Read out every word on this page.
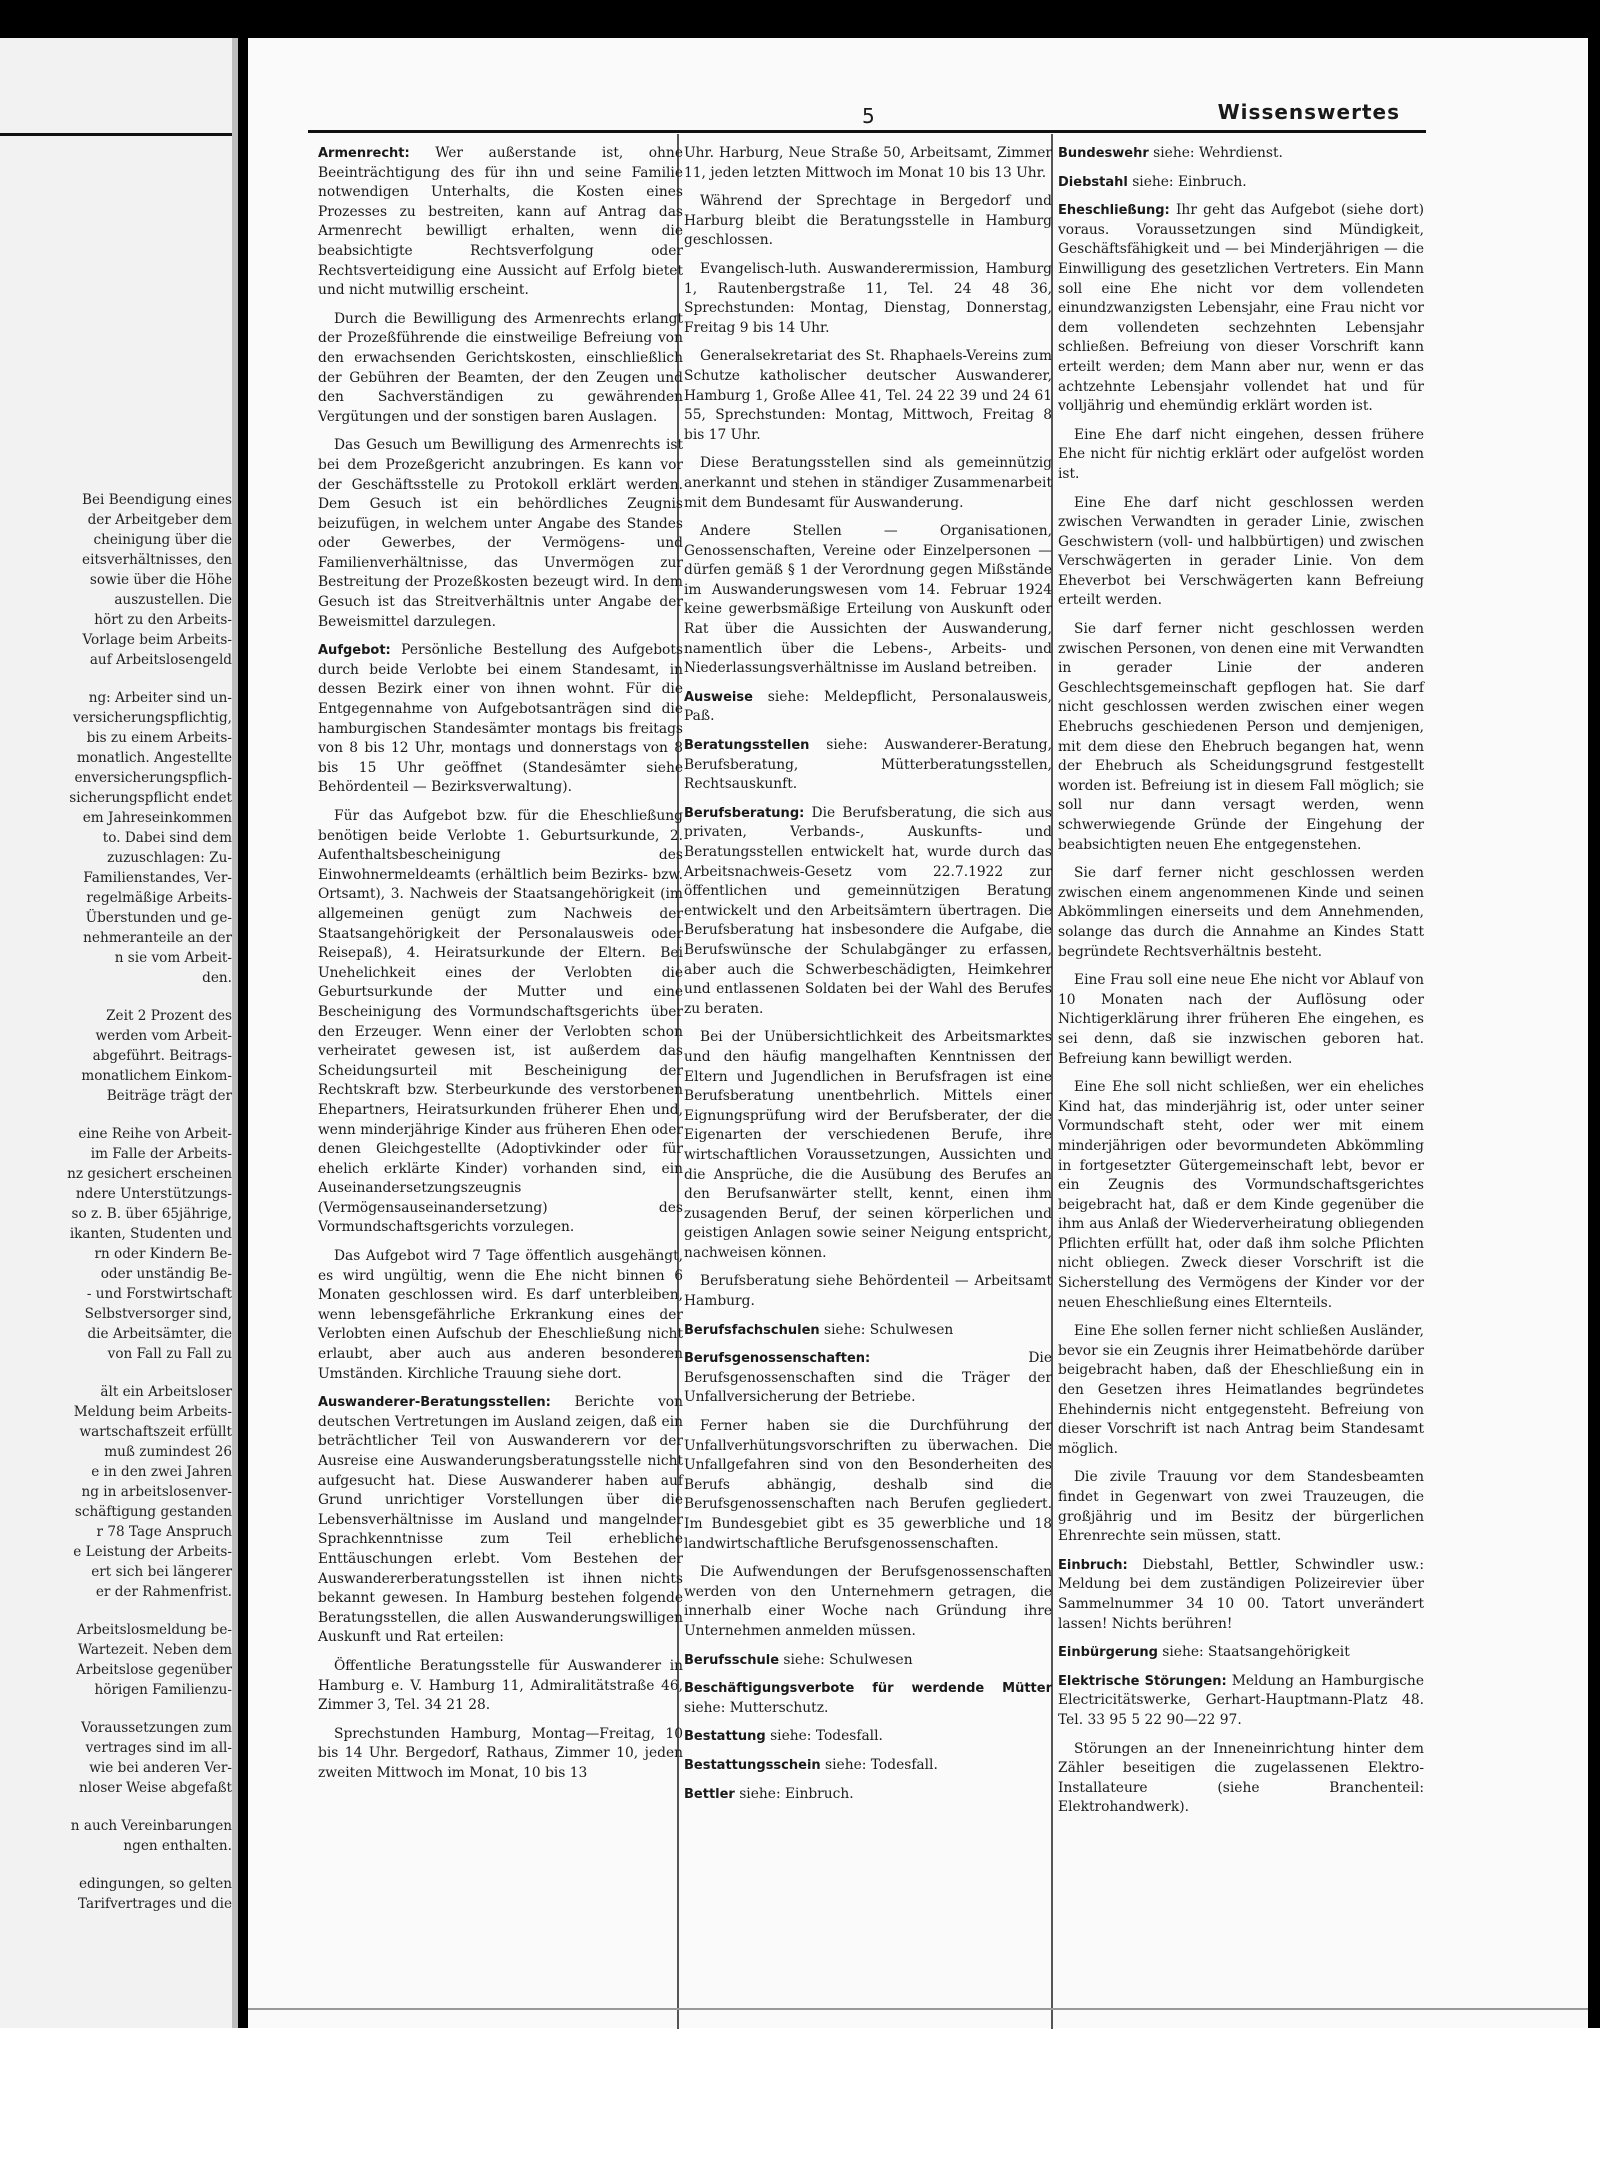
Bei Beendigung eines

der Arbeitgeber dem

cheinigung über die

eitsverhältnisses, den

sowie über die Höhe

auszustellen. Die

hört zu den Arbeits-

Vorlage beim Arbeits-

auf Arbeitslosengeld

ng: Arbeiter sind un-

versicherungspflichtig,

bis zu einem Arbeits-

monatlich. Angestellte

enversicherungspflich-

sicherungspflicht endet

em Jahreseinkommen

to. Dabei sind dem

zuzuschlagen: Zu-

Familienstandes, Ver-

regelmäßige Arbeits-

Überstunden und ge-

nehmeranteile an der

n sie vom Arbeit-

den.

Zeit 2 Prozent des

werden vom Arbeit-

abgeführt. Beitrags-

monatlichem Einkom-

Beiträge trägt der

eine Reihe von Arbeit-

im Falle der Arbeits-

nz gesichert erscheinen

ndere Unterstützungs-

so z. B. über 65jährige,

ikanten, Studenten und

rn oder Kindern Be-

oder unständig Be-

- und Forstwirtschaft

Selbstversorger sind,

die Arbeitsämter, die

von Fall zu Fall zu

ält ein Arbeitsloser

Meldung beim Arbeits-

wartschaftszeit erfüllt

muß zumindest 26

e in den zwei Jahren

ng in arbeitslosenver-

schäftigung gestanden

r 78 Tage Anspruch

e Leistung der Arbeits-

ert sich bei längerer

er der Rahmenfrist.

Arbeitslosmeldung be-

Wartezeit. Neben dem

Arbeitslose gegenüber

hörigen Familienzu-

Voraussetzungen zum

vertrages sind im all-

wie bei anderen Ver-

nloser Weise abgefaßt

n auch Vereinbarungen

ngen enthalten.

edingungen, so gelten

Tarifvertrages und die

5	Wissenswertes

Armenrecht: Wer außerstande ist, ohne Beeinträchtigung des für ihn und seine Familie notwendigen Unterhalts, die Kosten eines Prozesses zu bestreiten, kann auf Antrag das Armenrecht bewilligt erhalten, wenn die beabsichtigte Rechtsverfolgung oder Rechtsverteidigung eine Aussicht auf Erfolg bietet und nicht mutwillig erscheint.

Durch die Bewilligung des Armenrechts erlangt der Prozeßführende die einstweilige Befreiung von den erwachsenden Gerichtskosten, einschließlich der Gebühren der Beamten, der den Zeugen und den Sachverständigen zu gewährenden Vergütungen und der sonstigen baren Auslagen.

Das Gesuch um Bewilligung des Armenrechts ist bei dem Prozeßgericht anzubringen. Es kann vor der Geschäftsstelle zu Protokoll erklärt werden. Dem Gesuch ist ein behördliches Zeugnis beizufügen, in welchem unter Angabe des Standes oder Gewerbes, der Vermögens- und Familienverhältnisse, das Unvermögen zur Bestreitung der Prozeßkosten bezeugt wird. In dem Gesuch ist das Streitverhältnis unter Angabe der Beweismittel darzulegen.

Aufgebot: Persönliche Bestellung des Aufgebots durch beide Verlobte bei einem Standesamt, in dessen Bezirk einer von ihnen wohnt. Für die Entgegennahme von Aufgebotsanträgen sind die hamburgischen Standesämter montags bis freitags von 8 bis 12 Uhr, montags und donnerstags von 8 bis 15 Uhr geöffnet (Standesämter siehe Behördenteil — Bezirksverwaltung).

Für das Aufgebot bzw. für die Eheschließung benötigen beide Verlobte 1. Geburtsurkunde, 2. Aufenthaltsbescheinigung des Einwohnermeldeamts (erhältlich beim Bezirks- bzw. Ortsamt), 3. Nachweis der Staatsangehörigkeit (im allgemeinen genügt zum Nachweis der Staatsangehörigkeit der Personalausweis oder Reisepaß), 4. Heiratsurkunde der Eltern. Bei Unehelichkeit eines der Verlobten die Geburtsurkunde der Mutter und eine Bescheinigung des Vormundschaftsgerichts über den Erzeuger. Wenn einer der Verlobten schon verheiratet gewesen ist, ist außerdem das Scheidungsurteil mit Bescheinigung der Rechtskraft bzw. Sterbeurkunde des verstorbenen Ehepartners, Heiratsurkunden früherer Ehen und, wenn minderjährige Kinder aus früheren Ehen oder denen Gleichgestellte (Adoptivkinder oder für ehelich erklärte Kinder) vorhanden sind, ein Auseinandersetzungszeugnis (Vermögensauseinandersetzung) des Vormundschaftsgerichts vorzulegen.

Das Aufgebot wird 7 Tage öffentlich ausgehängt, es wird ungültig, wenn die Ehe nicht binnen 6 Monaten geschlossen wird. Es darf unterbleiben, wenn lebensgefährliche Erkrankung eines der Verlobten einen Aufschub der Eheschließung nicht erlaubt, aber auch aus anderen besonderen Umständen. Kirchliche Trauung siehe dort.

Auswanderer-Beratungsstellen: Berichte von deutschen Vertretungen im Ausland zeigen, daß ein beträchtlicher Teil von Auswanderern vor der Ausreise eine Auswanderungsberatungsstelle nicht aufgesucht hat. Diese Auswanderer haben auf Grund unrichtiger Vorstellungen über die Lebensverhältnisse im Ausland und mangelnder Sprachkenntnisse zum Teil erhebliche Enttäuschungen erlebt. Vom Bestehen der Auswandererberatungsstellen ist ihnen nichts bekannt gewesen. In Hamburg bestehen folgende Beratungsstellen, die allen Auswanderungswilligen Auskunft und Rat erteilen:

Öffentliche Beratungsstelle für Auswanderer in Hamburg e. V. Hamburg 11, Admiralitätstraße 46, Zimmer 3, Tel. 34 21 28.

Sprechstunden Hamburg, Montag—Freitag, 10 bis 14 Uhr. Bergedorf, Rathaus, Zimmer 10, jeden zweiten Mittwoch im Monat, 10 bis 13

Uhr. Harburg, Neue Straße 50, Arbeitsamt, Zimmer 11, jeden letzten Mittwoch im Monat 10 bis 13 Uhr.

Während der Sprechtage in Bergedorf und Harburg bleibt die Beratungsstelle in Hamburg geschlossen.

Evangelisch-luth. Auswanderermission, Hamburg 1, Rautenbergstraße 11, Tel. 24 48 36, Sprechstunden: Montag, Dienstag, Donnerstag, Freitag 9 bis 14 Uhr.

Generalsekretariat des St. Rhaphaels-Vereins zum Schutze katholischer deutscher Auswanderer, Hamburg 1, Große Allee 41, Tel. 24 22 39 und 24 61 55, Sprechstunden: Montag, Mittwoch, Freitag 8 bis 17 Uhr.

Diese Beratungsstellen sind als gemeinnützig anerkannt und stehen in ständiger Zusammenarbeit mit dem Bundesamt für Auswanderung.

Andere Stellen — Organisationen, Genossenschaften, Vereine oder Einzelpersonen — dürfen gemäß § 1 der Verordnung gegen Mißstände im Auswanderungswesen vom 14. Februar 1924 keine gewerbsmäßige Erteilung von Auskunft oder Rat über die Aussichten der Auswanderung, namentlich über die Lebens-, Arbeits- und Niederlassungsverhältnisse im Ausland betreiben.

Ausweise siehe: Meldepflicht, Personalausweis, Paß.

Beratungsstellen siehe: Auswanderer-Beratung, Berufsberatung, Mütterberatungsstellen, Rechtsauskunft.

Berufsberatung: Die Berufsberatung, die sich aus privaten, Verbands-, Auskunfts- und Beratungsstellen entwickelt hat, wurde durch das Arbeitsnachweis-Gesetz vom 22.7.1922 zur öffentlichen und gemeinnützigen Beratung entwickelt und den Arbeitsämtern übertragen. Die Berufsberatung hat insbesondere die Aufgabe, die Berufswünsche der Schulabgänger zu erfassen, aber auch die Schwerbeschädigten, Heimkehrer und entlassenen Soldaten bei der Wahl des Berufes zu beraten.

Bei der Unübersichtlichkeit des Arbeitsmarktes und den häufig mangelhaften Kenntnissen der Eltern und Jugendlichen in Berufsfragen ist eine Berufsberatung unentbehrlich. Mittels einer Eignungsprüfung wird der Berufsberater, der die Eigenarten der verschiedenen Berufe, ihre wirtschaftlichen Voraussetzungen, Aussichten und die Ansprüche, die die Ausübung des Berufes an den Berufsanwärter stellt, kennt, einen ihm zusagenden Beruf, der seinen körperlichen und geistigen Anlagen sowie seiner Neigung entspricht, nachweisen können.

Berufsberatung siehe Behördenteil — Arbeitsamt Hamburg.

Berufsfachschulen siehe: Schulwesen

Berufsgenossenschaften: Die Berufsgenossenschaften sind die Träger der Unfallversicherung der Betriebe.

Ferner haben sie die Durchführung der Unfallverhütungsvorschriften zu überwachen. Die Unfallgefahren sind von den Besonderheiten des Berufs abhängig, deshalb sind die Berufsgenossenschaften nach Berufen gegliedert. Im Bundesgebiet gibt es 35 gewerbliche und 18 landwirtschaftliche Berufsgenossenschaften.

Die Aufwendungen der Berufsgenossenschaften werden von den Unternehmern getragen, die innerhalb einer Woche nach Gründung ihre Unternehmen anmelden müssen.

Berufsschule siehe: Schulwesen

Beschäftigungsverbote für werdende Mütter siehe: Mutterschutz.

Bestattung siehe: Todesfall.

Bestattungsschein siehe: Todesfall.

Bettler siehe: Einbruch.

Bundeswehr siehe: Wehrdienst.

Diebstahl siehe: Einbruch.

Eheschließung: Ihr geht das Aufgebot (siehe dort) voraus. Voraussetzungen sind Mündigkeit, Geschäftsfähigkeit und — bei Minderjährigen — die Einwilligung des gesetzlichen Vertreters. Ein Mann soll eine Ehe nicht vor dem vollendeten einundzwanzigsten Lebensjahr, eine Frau nicht vor dem vollendeten sechzehnten Lebensjahr schließen. Befreiung von dieser Vorschrift kann erteilt werden; dem Mann aber nur, wenn er das achtzehnte Lebensjahr vollendet hat und für volljährig und ehemündig erklärt worden ist.

Eine Ehe darf nicht eingehen, dessen frühere Ehe nicht für nichtig erklärt oder aufgelöst worden ist.

Eine Ehe darf nicht geschlossen werden zwischen Verwandten in gerader Linie, zwischen Geschwistern (voll- und halbbürtigen) und zwischen Verschwägerten in gerader Linie. Von dem Eheverbot bei Verschwägerten kann Befreiung erteilt werden.

Sie darf ferner nicht geschlossen werden zwischen Personen, von denen eine mit Verwandten in gerader Linie der anderen Geschlechtsgemeinschaft gepflogen hat. Sie darf nicht geschlossen werden zwischen einer wegen Ehebruchs geschiedenen Person und demjenigen, mit dem diese den Ehebruch begangen hat, wenn der Ehebruch als Scheidungsgrund festgestellt worden ist. Befreiung ist in diesem Fall möglich; sie soll nur dann versagt werden, wenn schwerwiegende Gründe der Eingehung der beabsichtigten neuen Ehe entgegenstehen.

Sie darf ferner nicht geschlossen werden zwischen einem angenommenen Kinde und seinen Abkömmlingen einerseits und dem Annehmenden, solange das durch die Annahme an Kindes Statt begründete Rechtsverhältnis besteht.

Eine Frau soll eine neue Ehe nicht vor Ablauf von 10 Monaten nach der Auflösung oder Nichtigerklärung ihrer früheren Ehe eingehen, es sei denn, daß sie inzwischen geboren hat. Befreiung kann bewilligt werden.

Eine Ehe soll nicht schließen, wer ein eheliches Kind hat, das minderjährig ist, oder unter seiner Vormundschaft steht, oder wer mit einem minderjährigen oder bevormundeten Abkömmling in fortgesetzter Gütergemeinschaft lebt, bevor er ein Zeugnis des Vormundschaftsgerichtes beigebracht hat, daß er dem Kinde gegenüber die ihm aus Anlaß der Wiederverheiratung obliegenden Pflichten erfüllt hat, oder daß ihm solche Pflichten nicht obliegen. Zweck dieser Vorschrift ist die Sicherstellung des Vermögens der Kinder vor der neuen Eheschließung eines Elternteils.

Eine Ehe sollen ferner nicht schließen Ausländer, bevor sie ein Zeugnis ihrer Heimatbehörde darüber beigebracht haben, daß der Eheschließung ein in den Gesetzen ihres Heimatlandes begründetes Ehehindernis nicht entgegensteht. Befreiung von dieser Vorschrift ist nach Antrag beim Standesamt möglich.

Die zivile Trauung vor dem Standesbeamten findet in Gegenwart von zwei Trauzeugen, die großjährig und im Besitz der bürgerlichen Ehrenrechte sein müssen, statt.

Einbruch: Diebstahl, Bettler, Schwindler usw.: Meldung bei dem zuständigen Polizeirevier über Sammelnummer 34 10 00. Tatort unverändert lassen! Nichts berühren!

Einbürgerung siehe: Staatsangehörigkeit

Elektrische Störungen: Meldung an Hamburgische Electricitätswerke, Gerhart-Hauptmann-Platz 48. Tel. 33 95 5 22 90—22 97.

Störungen an der Inneneinrichtung hinter dem Zähler beseitigen die zugelassenen Elektro-Installateure (siehe Branchenteil: Elektrohandwerk).
